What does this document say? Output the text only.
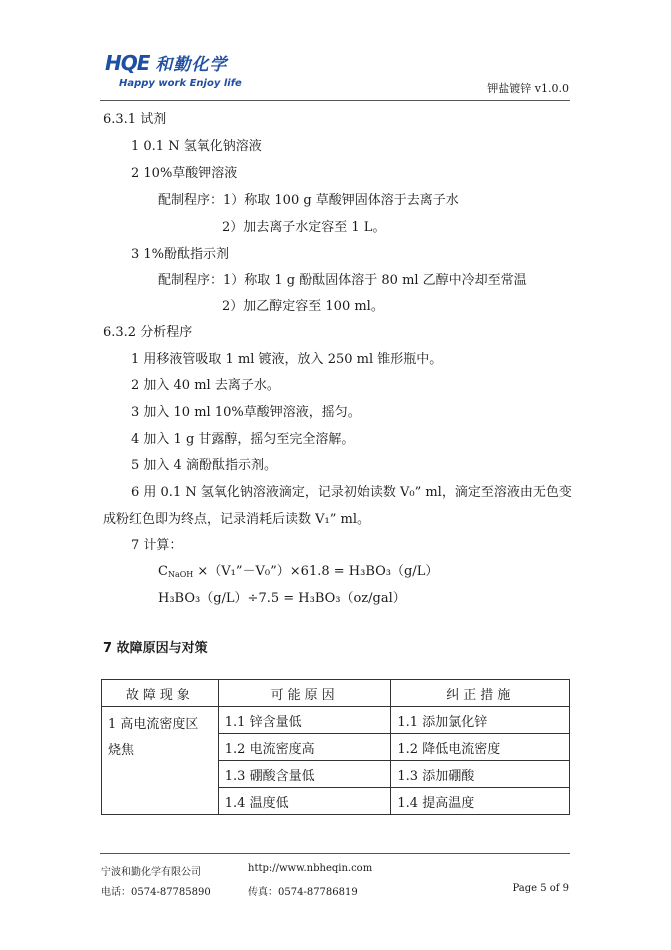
HQE 和勤化学
Happy work Enjoy life	钾盐镀锌 v1.0.0
6.3.1 试剂
1 0.1 N 氢氧化钠溶液
2 10%草酸钾溶液
配制程序：1）称取 100 g 草酸钾固体溶于去离子水
2）加去离子水定容至 1 L。
3 1%酚酞指示剂
配制程序：1）称取 1 g 酚酞固体溶于 80 ml 乙醇中冷却至常温
2）加乙醇定容至 100 ml。
6.3.2 分析程序
1 用移液管吸取 1 ml 镀液，放入 250 ml 锥形瓶中。
2 加入 40 ml 去离子水。
3 加入 10 ml 10%草酸钾溶液，摇匀。
4 加入 1 g 甘露醇，摇匀至完全溶解。
5 加入 4 滴酚酞指示剂。
6 用 0.1 N 氢氧化钠溶液滴定，记录初始读数 V₀” ml，滴定至溶液由无色变
成粉红色即为终点，记录消耗后读数 V₁” ml。
7 计算：
$C_{NaOH}$ ×（V₁”－V₀”）×61.8 = H₃BO₃（g/L）
H₃BO₃（g/L）÷7.5 = H₃BO₃（oz/gal）
7 故障原因与对策
故障现象	可能原因	纠正措施

1 高电流密度区
烧焦	1.1 锌含量低	1.1 添加氯化锌
	1.2 电流密度高	1.2 降低电流密度
	1.3 硼酸含量低	1.3 添加硼酸
	1.4 温度低	1.4 提高温度
宁波和勤化学有限公司	http://www.nbheqin.com
电话：0574-87785890	传真：0574-87786819	Page 5 of 9
